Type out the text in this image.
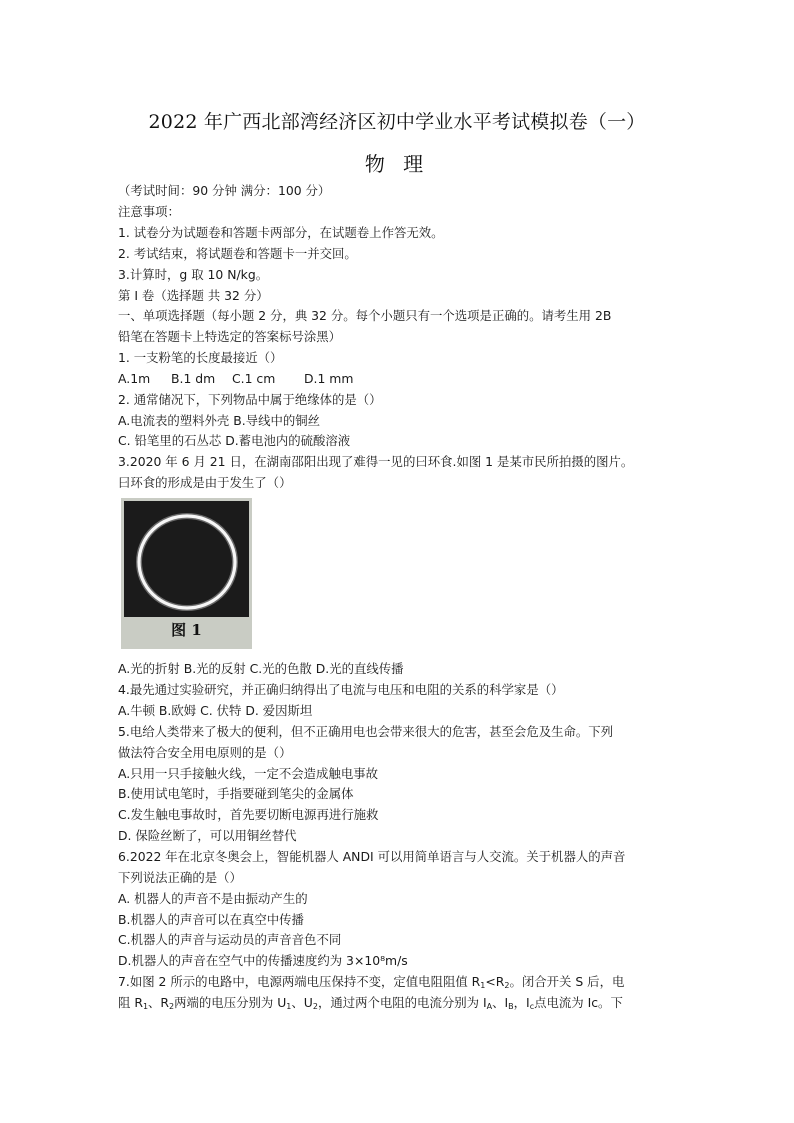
2022 年广西北部湾经济区初中学业水平考试模拟卷（一）
物 理
（考试时间：90 分钟 满分：100 分）
注意事项：
1. 试卷分为试题卷和答题卡两部分，在试题卷上作答无效。
2. 考试结束，将试题卷和答题卡一并交回。
3.计算时，g 取 10 N/kg。
第 I 卷（选择题 共 32 分）
一、单项选择题（每小题 2 分，典 32 分。每个小题只有一个选项是正确的。请考生用 2B
铅笔在答题卡上特选定的答案标号涂黑）
1. 一支粉笔的长度最接近（）
A.1m B.1 dm C.1 cm D.1 mm
2. 通常储况下，下列物品中属于绝缘体的是（）
A.电流表的塑料外壳 B.导线中的铜丝
C. 铅笔里的石丛芯 D.蓄电池内的硫酸溶液
3.2020 年 6 月 21 日，在湖南邵阳出现了难得一见的曰环食.如图 1 是某市民所拍摄的图片。
曰环食的形成是由于发生了（）
图 1
A.光的折射 B.光的反射 C.光的色散 D.光的直线传播
4.最先通过实验研究，并正确归纳得出了电流与电压和电阻的关系的科学家是（）
A.牛顿 B.欧姆 C. 伏特 D. 爱因斯坦
5.电给人类带来了极大的便利，但不正确用电也会带来很大的危害，甚至会危及生命。下列
做法符合安全用电原则的是（）
A.只用一只手接触火线，一定不会造成触电事故
B.使用试电笔时，手指要碰到笔尖的金属体
C.发生触电事故时，首先要切断电源再进行施救
D. 保险丝断了，可以用铜丝替代
6.2022 年在北京冬奥会上，智能机器人 ANDI 可以用简单语言与人交流。关于机器人的声音
下列说法正确的是（）
A. 机器人的声音不是由振动产生的
B.机器人的声音可以在真空中传播
C.机器人的声音与运动员的声音音色不同
D.机器人的声音在空气中的传播速度约为 3×10⁸m/s
7.如图 2 所示的电路中，电源两端电压保持不变，定值电阻阻值 $R_1<R_2$。闭合开关 S 后，电
阻 $R_1$、$R_2$两端的电压分别为 $U_1$、$U_2$，通过两个电阻的电流分别为 $I_A$、$I_B$，$I_c$点电流为 Ic。下
